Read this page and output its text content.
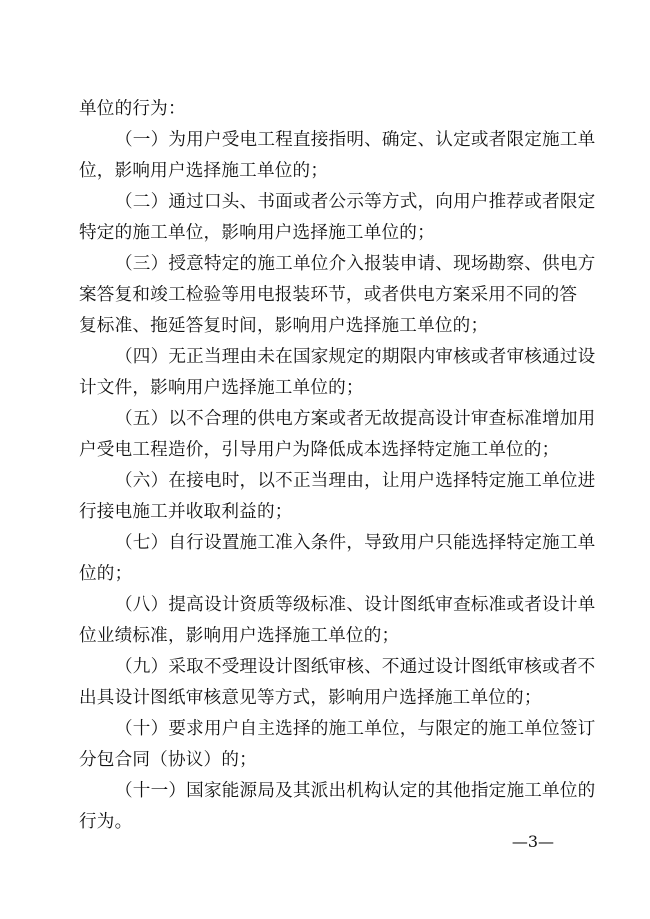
单位的行为：
（一）为用户受电工程直接指明、确定、认定或者限定施工单
位，影响用户选择施工单位的；
（二）通过口头、书面或者公示等方式，向用户推荐或者限定
特定的施工单位，影响用户选择施工单位的；
（三）授意特定的施工单位介入报装申请、现场勘察、供电方
案答复和竣工检验等用电报装环节，或者供电方案采用不同的答
复标准、拖延答复时间，影响用户选择施工单位的；
（四）无正当理由未在国家规定的期限内审核或者审核通过设
计文件，影响用户选择施工单位的；
（五）以不合理的供电方案或者无故提高设计审查标准增加用
户受电工程造价，引导用户为降低成本选择特定施工单位的；
（六）在接电时，以不正当理由，让用户选择特定施工单位进
行接电施工并收取利益的；
（七）自行设置施工准入条件，导致用户只能选择特定施工单
位的；
（八）提高设计资质等级标准、设计图纸审查标准或者设计单
位业绩标准，影响用户选择施工单位的；
（九）采取不受理设计图纸审核、不通过设计图纸审核或者不
出具设计图纸审核意见等方式，影响用户选择施工单位的；
（十）要求用户自主选择的施工单位，与限定的施工单位签订
分包合同（协议）的；
（十一）国家能源局及其派出机构认定的其他指定施工单位的
行为。
—3—
